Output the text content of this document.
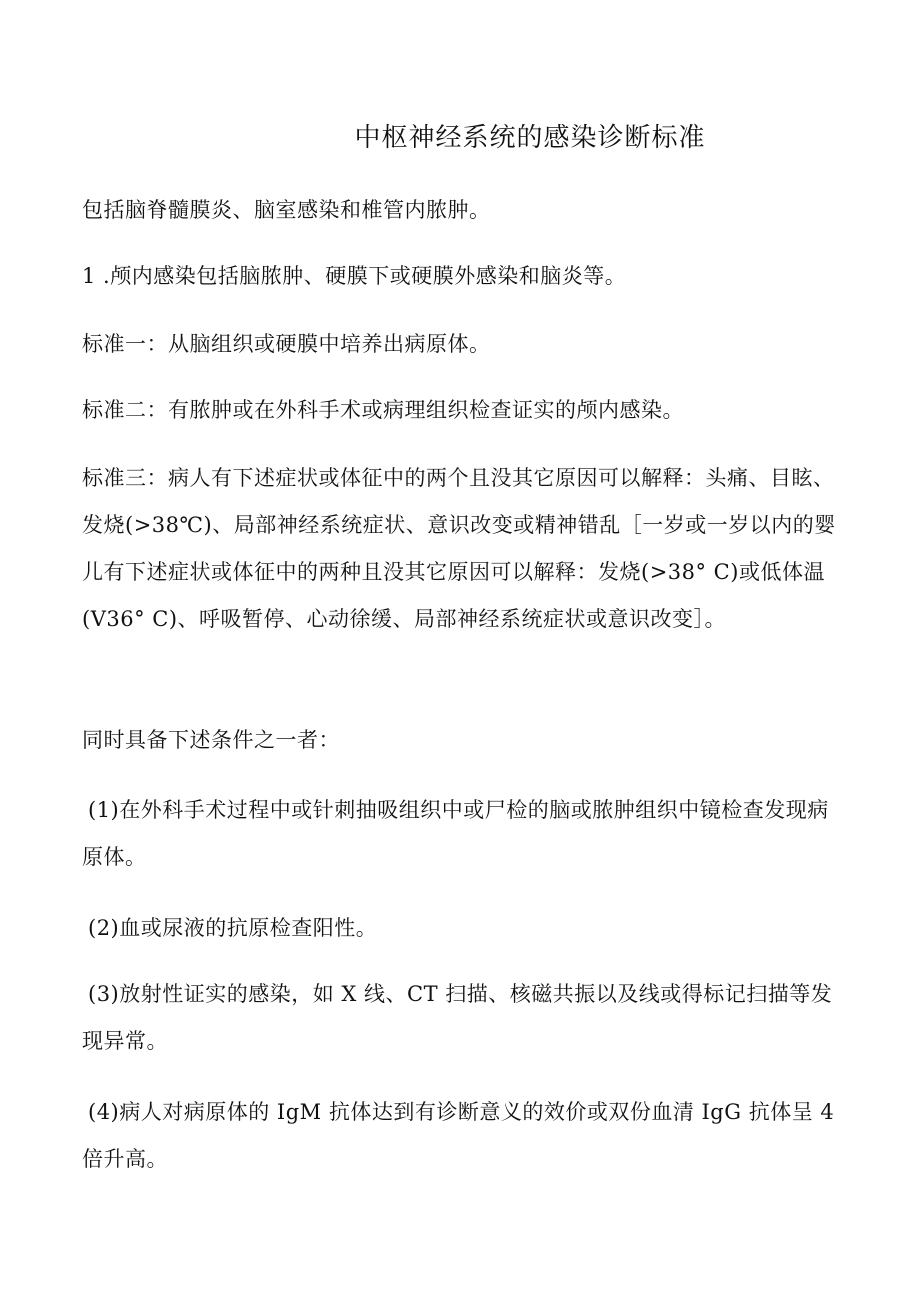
中枢神经系统的感染诊断标准

包括脑脊髓膜炎、脑室感染和椎管内脓肿。

1 .颅内感染包括脑脓肿、硬膜下或硬膜外感染和脑炎等。

标准一：从脑组织或硬膜中培养出病原体。

标准二：有脓肿或在外科手术或病理组织检查证实的颅内感染。

标准三：病人有下述症状或体征中的两个且没其它原因可以解释：头痛、目眩、发烧(>38℃)、局部神经系统症状、意识改变或精神错乱［一岁或一岁以内的婴儿有下述症状或体征中的两种且没其它原因可以解释：发烧(>38° C)或低体温(V36° C)、呼吸暂停、心动徐缓、局部神经系统症状或意识改变］。

同时具备下述条件之一者：

(1)在外科手术过程中或针刺抽吸组织中或尸检的脑或脓肿组织中镜检查发现病原体。

(2)血或尿液的抗原检查阳性。

(3)放射性证实的感染，如 X 线、CT 扫描、核磁共振以及线或得标记扫描等发现异常。

(4)病人对病原体的 IgM 抗体达到有诊断意义的效价或双份血清 IgG 抗体呈 4 倍升高。
